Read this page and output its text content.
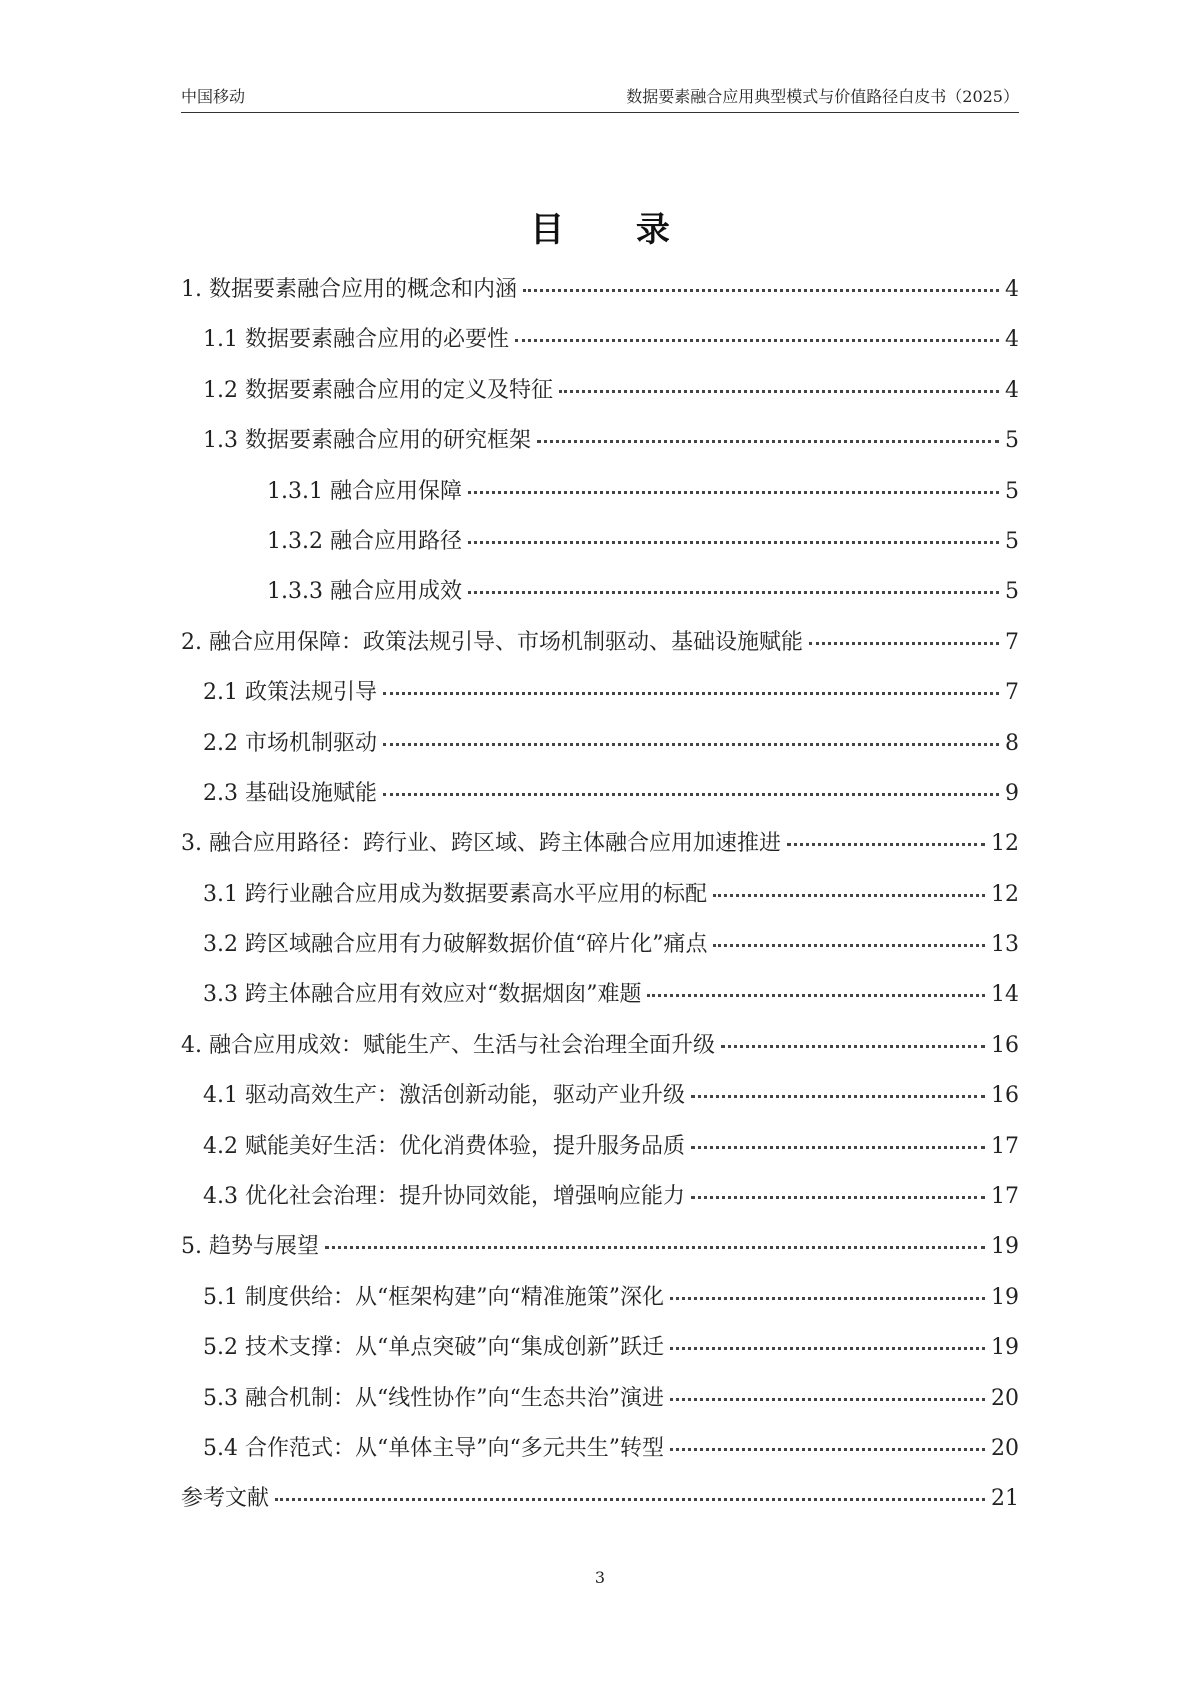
中国移动	数据要素融合应用典型模式与价值路径白皮书（2025）
目 录
1. 数据要素融合应用的概念和内涵	4
1.1 数据要素融合应用的必要性	4
1.2 数据要素融合应用的定义及特征	4
1.3 数据要素融合应用的研究框架	5
1.3.1 融合应用保障	5
1.3.2 融合应用路径	5
1.3.3 融合应用成效	5
2. 融合应用保障：政策法规引导、市场机制驱动、基础设施赋能	7
2.1 政策法规引导	7
2.2 市场机制驱动	8
2.3 基础设施赋能	9
3. 融合应用路径：跨行业、跨区域、跨主体融合应用加速推进	12
3.1 跨行业融合应用成为数据要素高水平应用的标配	12
3.2 跨区域融合应用有力破解数据价值“碎片化”痛点	13
3.3 跨主体融合应用有效应对“数据烟囱”难题	14
4. 融合应用成效：赋能生产、生活与社会治理全面升级	16
4.1 驱动高效生产：激活创新动能，驱动产业升级	16
4.2 赋能美好生活：优化消费体验，提升服务品质	17
4.3 优化社会治理：提升协同效能，增强响应能力	17
5. 趋势与展望	19
5.1 制度供给：从“框架构建”向“精准施策”深化	19
5.2 技术支撑：从“单点突破”向“集成创新”跃迁	19
5.3 融合机制：从“线性协作”向“生态共治”演进	20
5.4 合作范式：从“单体主导”向“多元共生”转型	20
参考文献	21
3
